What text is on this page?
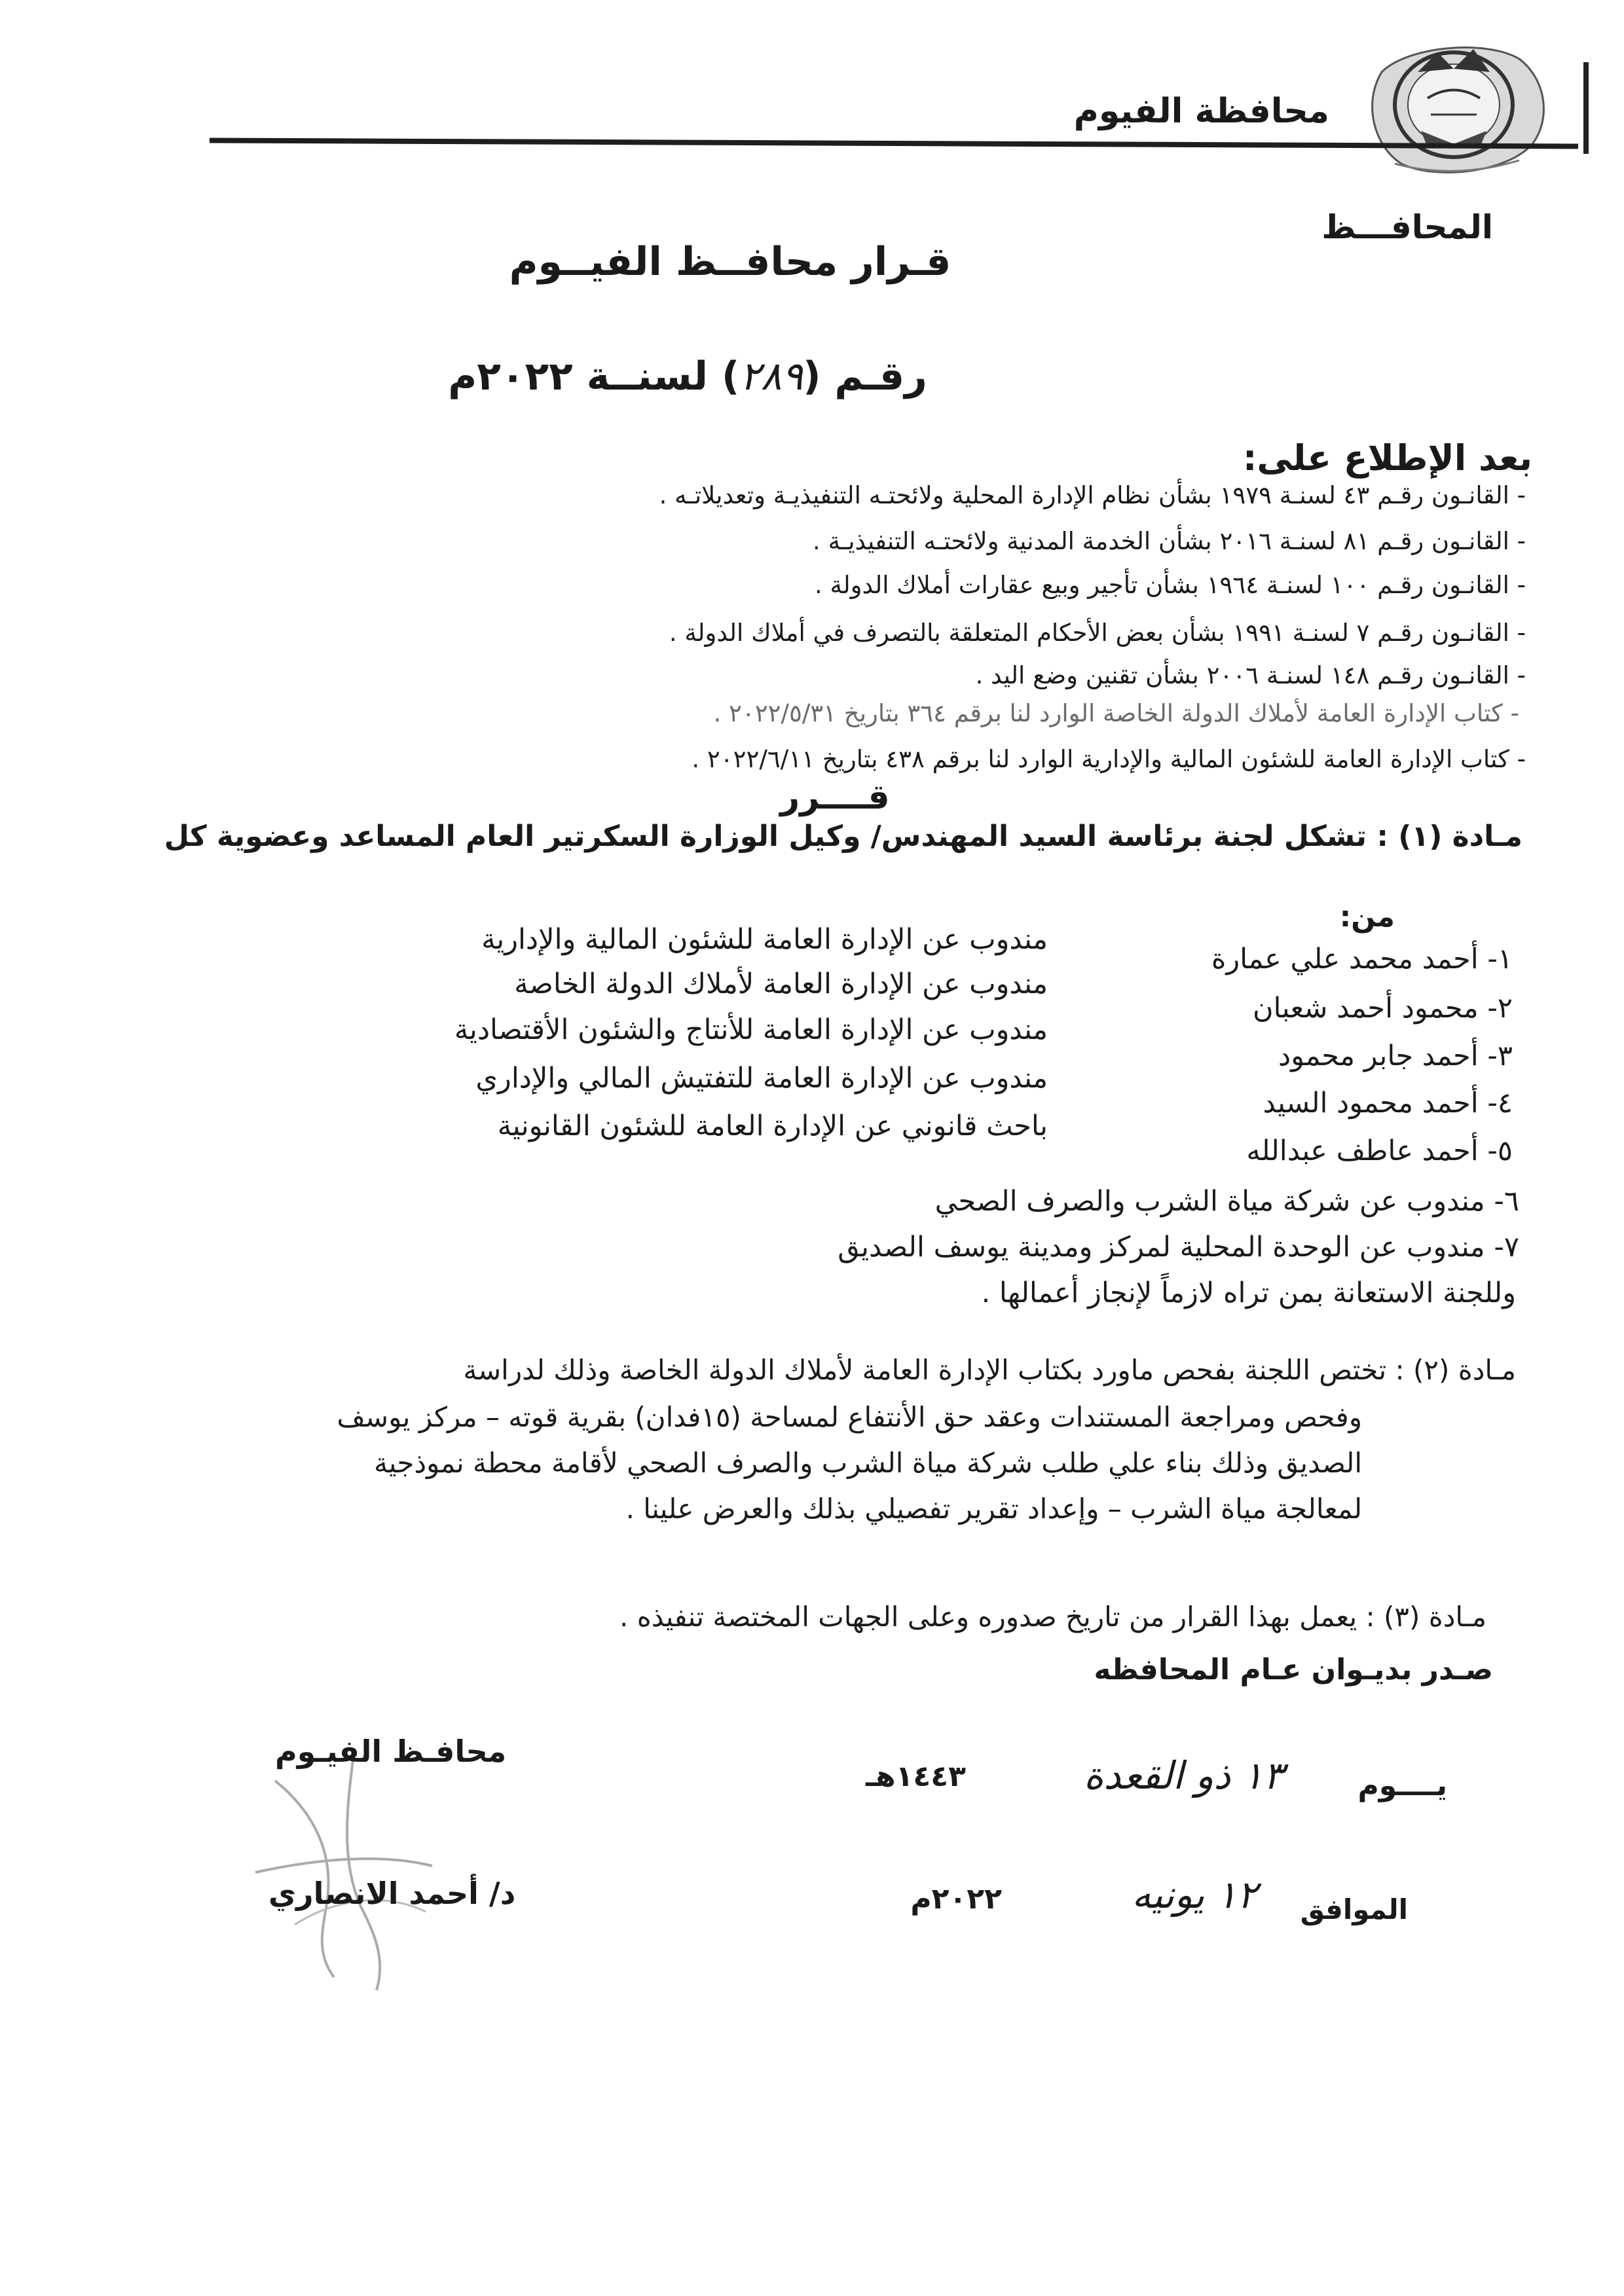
محافظة الفيوم
المحافـــظ
قـرار محافــظ الفيــوم
رقـم (٢٨٩) لسنــة ٢٠٢٢م
بعد الإطلاع على:
- القانـون رقـم ٤٣ لسنـة ١٩٧٩ بشأن نظام الإدارة المحلية ولائحتـه التنفيذيـة وتعديلاتـه .
- القانـون رقـم ٨١ لسنـة ٢٠١٦ بشأن الخدمة المدنية ولائحتـه التنفيذيـة .
- القانـون رقـم ١٠٠ لسنـة ١٩٦٤ بشأن تأجير وبيع عقارات أملاك الدولة .
- القانـون رقـم ٧ لسنـة ١٩٩١ بشأن بعض الأحكام المتعلقة بالتصرف في أملاك الدولة .
- القانـون رقـم ١٤٨ لسنـة ٢٠٠٦ بشأن تقنين وضع اليد .
- كتاب الإدارة العامة لأملاك الدولة الخاصة الوارد لنا برقم ٣٦٤ بتاريخ ٢٠٢٢/٥/٣١ .
- كتاب الإدارة العامة للشئون المالية والإدارية الوارد لنا برقم ٤٣٨ بتاريخ ٢٠٢٢/٦/١١ .
قــــرر
مـادة (١) : تشكل لجنة برئاسة السيد المهندس/ وكيل الوزارة السكرتير العام المساعد وعضوية كل
من:
١- أحمد محمد علي عمارة
مندوب عن الإدارة العامة للشئون المالية والإدارية
٢- محمود أحمد شعبان
مندوب عن الإدارة العامة لأملاك الدولة الخاصة
٣- أحمد جابر محمود
مندوب عن الإدارة العامة للأنتاج والشئون الأقتصادية
٤- أحمد محمود السيد
مندوب عن الإدارة العامة للتفتيش المالي والإداري
٥- أحمد عاطف عبدالله
باحث قانوني عن الإدارة العامة للشئون القانونية
٦- مندوب عن شركة مياة الشرب والصرف الصحي
٧- مندوب عن الوحدة المحلية لمركز ومدينة يوسف الصديق
وللجنة الاستعانة بمن تراه لازماً لإنجاز أعمالها .
مـادة (٢) : تختص اللجنة بفحص ماورد بكتاب الإدارة العامة لأملاك الدولة الخاصة وذلك لدراسة
وفحص ومراجعة المستندات وعقد حق الأنتفاع لمساحة (١٥فدان) بقرية قوته – مركز يوسف
الصديق وذلك بناء علي طلب شركة مياة الشرب والصرف الصحي لأقامة محطة نموذجية
لمعالجة مياة الشرب – وإعداد تقرير تفصيلي بذلك والعرض علينا .
مـادة (٣) : يعمل بهذا القرار من تاريخ صدوره وعلى الجهات المختصة تنفيذه .
صـدر بديـوان عـام المحافظه
يــــوم
١٣ ذو القعدة
١٤٤٣هـ
الموافق
١٢ يونيه
٢٠٢٢م
محافـظ الفيـوم
د/ أحمد الانصاري
